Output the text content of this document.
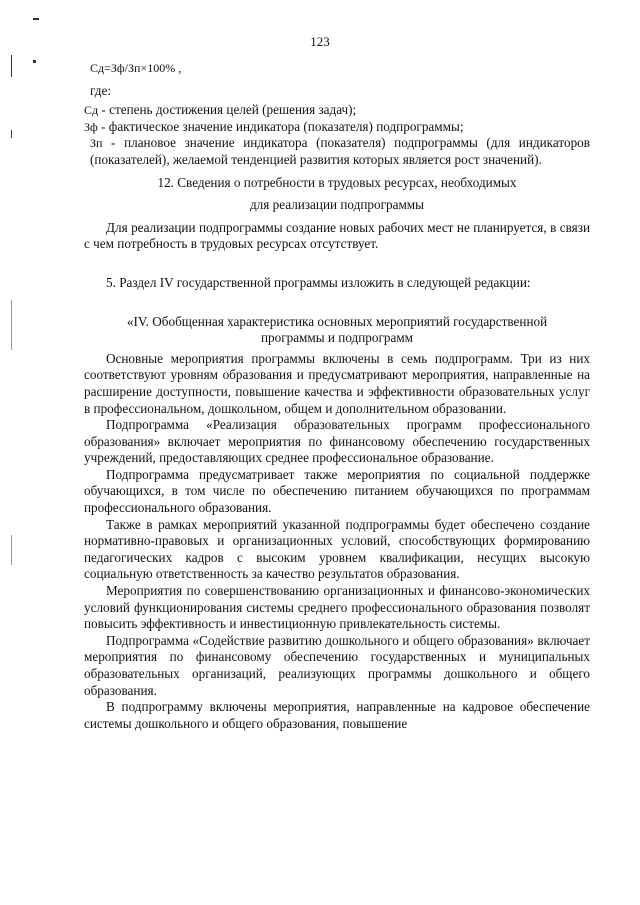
123
Сд=Зф/Зп×100% ,
где:

Сд - степень достижения целей (решения задач);

Зф - фактическое значение индикатора (показателя) подпрограммы;

Зп - плановое значение индикатора (показателя) подпрограммы (для индикаторов (показателей), желаемой тенденцией развития которых является рост значений).

12. Сведения о потребности в трудовых ресурсах, необходимых

для реализации подпрограммы

Для реализации подпрограммы создание новых рабочих мест не планируется, в связи с чем потребность в трудовых ресурсах отсутствует.

5. Раздел IV государственной программы изложить в следующей редакции:

«IV. Обобщенная характеристика основных мероприятий государственной

программы и подпрограмм

Основные мероприятия программы включены в семь подпрограмм. Три из них соответствуют уровням образования и предусматривают мероприятия, направленные на расширение доступности, повышение качества и эффективности образовательных услуг в профессиональном, дошкольном, общем и дополнительном образовании.

Подпрограмма «Реализация образовательных программ профессионального образования» включает мероприятия по финансовому обеспечению государственных учреждений, предоставляющих среднее профессиональное образование.

Подпрограмма предусматривает также мероприятия по социальной поддержке обучающихся, в том числе по обеспечению питанием обучающихся по программам профессионального образования.

Также в рамках мероприятий указанной подпрограммы будет обеспечено создание нормативно-правовых и организационных условий, способствующих формированию педагогических кадров с высоким уровнем квалификации, несущих высокую социальную ответственность за качество результатов образования.

Мероприятия по совершенствованию организационных и финансово-экономических условий функционирования системы среднего профессионального образования позволят повысить эффективность и инвестиционную привлекательность системы.

Подпрограмма «Содействие развитию дошкольного и общего образования» включает мероприятия по финансовому обеспечению государственных и муниципальных образовательных организаций, реализующих программы дошкольного и общего образования.

В подпрограмму включены мероприятия, направленные на кадровое обеспечение системы дошкольного и общего образования, повышение
